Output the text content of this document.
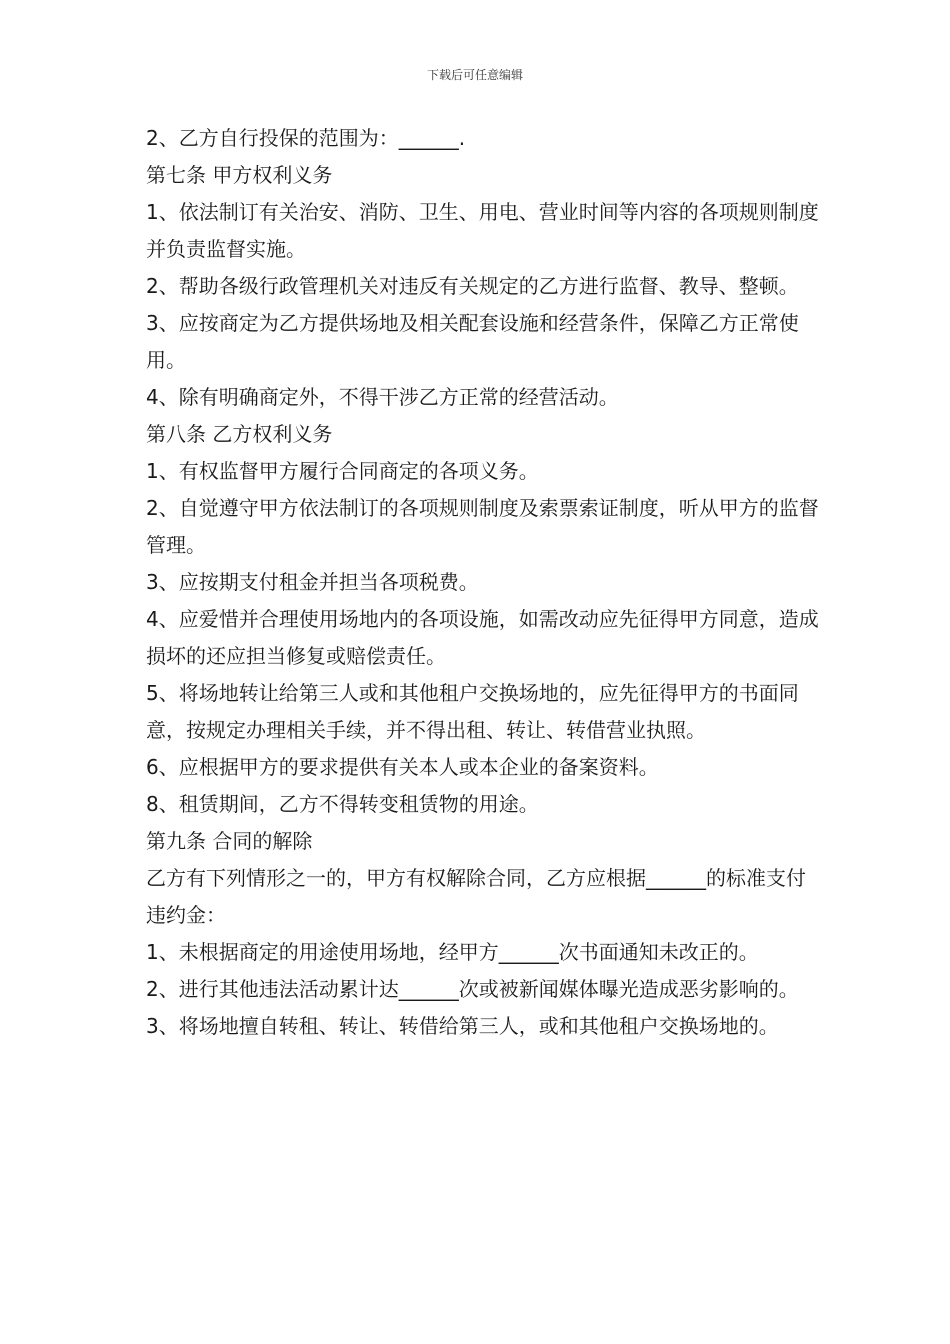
下载后可任意编辑

2、乙方自行投保的范围为：______.

第七条 甲方权利义务

1、依法制订有关治安、消防、卫生、用电、营业时间等内容的各项规则制度并负责监督实施。

2、帮助各级行政管理机关对违反有关规定的乙方进行监督、教导、整顿。

3、应按商定为乙方提供场地及相关配套设施和经营条件，保障乙方正常使用。

4、除有明确商定外，不得干涉乙方正常的经营活动。

第八条 乙方权利义务

1、有权监督甲方履行合同商定的各项义务。

2、自觉遵守甲方依法制订的各项规则制度及索票索证制度，听从甲方的监督管理。

3、应按期支付租金并担当各项税费。

4、应爱惜并合理使用场地内的各项设施，如需改动应先征得甲方同意，造成损坏的还应担当修复或赔偿责任。

5、将场地转让给第三人或和其他租户交换场地的，应先征得甲方的书面同意，按规定办理相关手续，并不得出租、转让、转借营业执照。

6、应根据甲方的要求提供有关本人或本企业的备案资料。

8、租赁期间，乙方不得转变租赁物的用途。

第九条 合同的解除

乙方有下列情形之一的，甲方有权解除合同，乙方应根据______的标准支付违约金：

1、未根据商定的用途使用场地，经甲方______次书面通知未改正的。

2、进行其他违法活动累计达______次或被新闻媒体曝光造成恶劣影响的。

3、将场地擅自转租、转让、转借给第三人，或和其他租户交换场地的。
